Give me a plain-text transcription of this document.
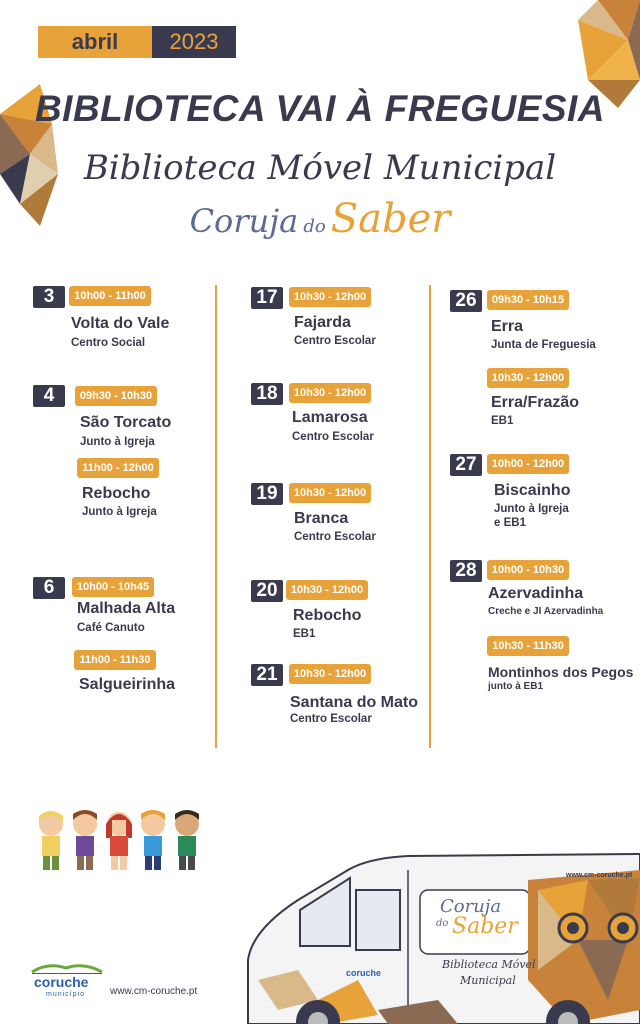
abril	2023
BIBLIOTECA VAI À FREGUESIA
Biblioteca Móvel Municipal
Coruja do Saber
3	10h00 - 11h00
Volta do Vale
Centro Social
4	09h30 - 10h30
São Torcato
Junto à Igreja
11h00 - 12h00
Rebocho
Junto à Igreja
6	10h00 - 10h45
Malhada Alta
Café Canuto
11h00 - 11h30
Salgueirinha
17	10h30 - 12h00
Fajarda
Centro Escolar
18	10h30 - 12h00
Lamarosa
Centro Escolar
19	10h30 - 12h00
Branca
Centro Escolar
20	10h30 - 12h00
Rebocho
EB1
21	10h30 - 12h00
Santana do Mato
Centro Escolar
26	09h30 - 10h15
Erra
Junta de Freguesia
10h30 - 12h00
Erra/Frazão
EB1
27	10h00 - 12h00
Biscainho
Junto à Igreja
e EB1
28	10h00 - 10h30
Azervadinha
Creche e JI Azervadinha
10h30 - 11h30
Montinhos dos Pegos
junto à EB1
coruche
município	www.cm-coruche.pt
www.cm-coruche.pt
Coruja
do Saber
Biblioteca Móvel
Municipal
coruche
